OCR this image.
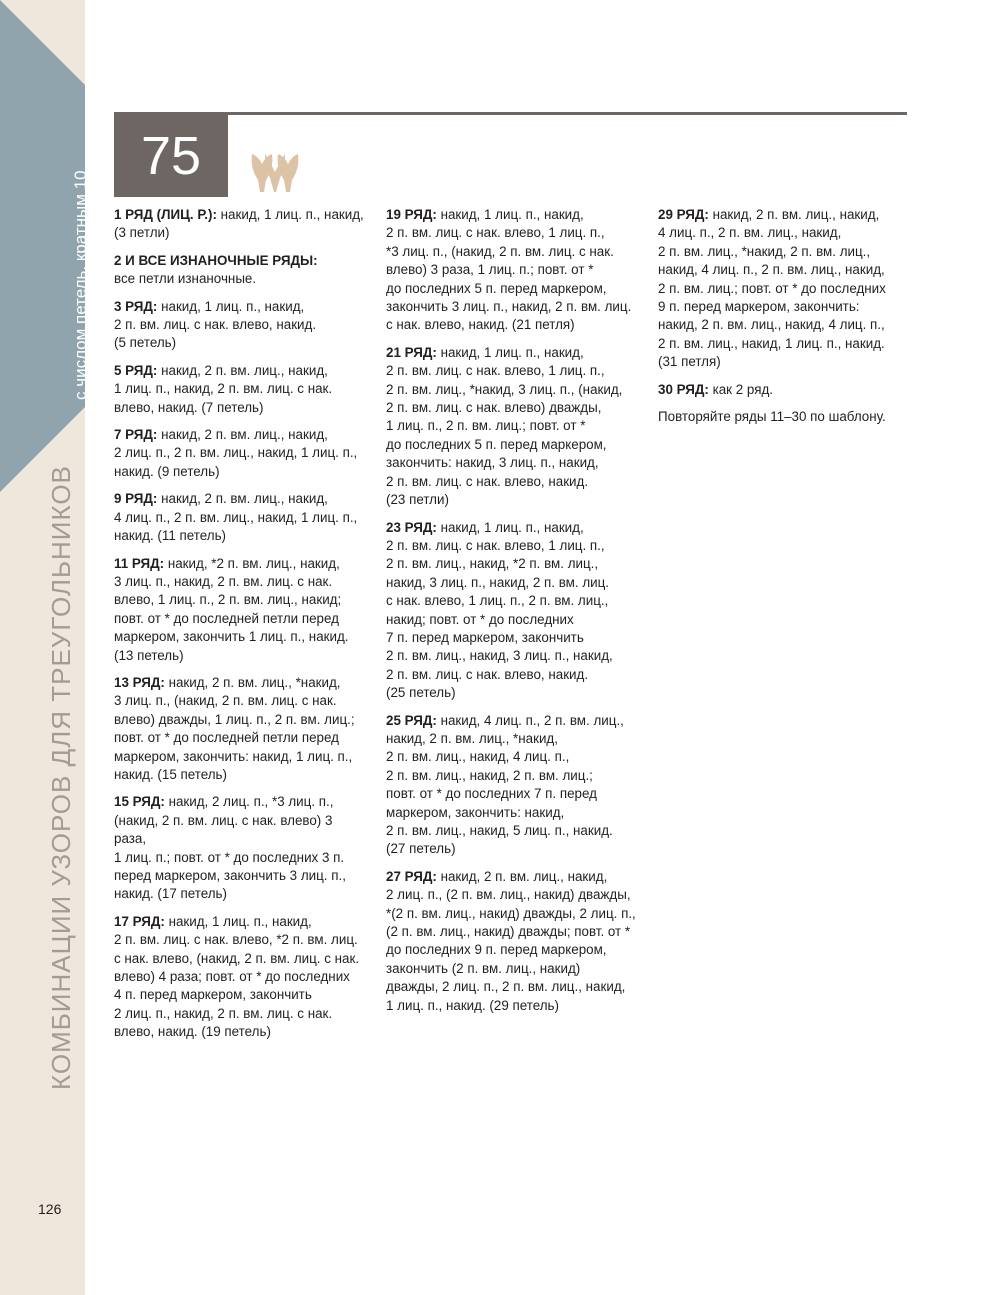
с числом петель, кратным 10
КОМБИНАЦИИ УЗОРОВ ДЛЯ ТРЕУГОЛЬНИКОВ
126
75

1 РЯД (ЛИЦ. Р.): накид, 1 лиц. п., накид,
(3 петли)

2 И ВСЕ ИЗНАНОЧНЫЕ РЯДЫ:
все петли изнаночные.

3 РЯД: накид, 1 лиц. п., накид,
2 п. вм. лиц. с нак. влево, накид.
(5 петель)

5 РЯД: накид, 2 п. вм. лиц., накид,
1 лиц. п., накид, 2 п. вм. лиц. с нак.
влево, накид. (7 петель)

7 РЯД: накид, 2 п. вм. лиц., накид,
2 лиц. п., 2 п. вм. лиц., накид, 1 лиц. п.,
накид. (9 петель)

9 РЯД: накид, 2 п. вм. лиц., накид,
4 лиц. п., 2 п. вм. лиц., накид, 1 лиц. п.,
накид. (11 петель)

11 РЯД: накид, *2 п. вм. лиц., накид,
3 лиц. п., накид, 2 п. вм. лиц. с нак.
влево, 1 лиц. п., 2 п. вм. лиц., накид;
повт. от * до последней петли перед
маркером, закончить 1 лиц. п., накид.
(13 петель)

13 РЯД: накид, 2 п. вм. лиц., *накид,
3 лиц. п., (накид, 2 п. вм. лиц. с нак.
влево) дважды, 1 лиц. п., 2 п. вм. лиц.;
повт. от * до последней петли перед
маркером, закончить: накид, 1 лиц. п.,
накид. (15 петель)

15 РЯД: накид, 2 лиц. п., *3 лиц. п.,
(накид, 2 п. вм. лиц. с нак. влево) 3 раза,
1 лиц. п.; повт. от * до последних 3 п.
перед маркером, закончить 3 лиц. п.,
накид. (17 петель)

17 РЯД: накид, 1 лиц. п., накид,
2 п. вм. лиц. с нак. влево, *2 п. вм. лиц.
с нак. влево, (накид, 2 п. вм. лиц. с нак.
влево) 4 раза; повт. от * до последних
4 п. перед маркером, закончить
2 лиц. п., накид, 2 п. вм. лиц. с нак.
влево, накид. (19 петель)

19 РЯД: накид, 1 лиц. п., накид,
2 п. вм. лиц. с нак. влево, 1 лиц. п.,
*3 лиц. п., (накид, 2 п. вм. лиц. с нак.
влево) 3 раза, 1 лиц. п.; повт. от *
до последних 5 п. перед маркером,
закончить 3 лиц. п., накид, 2 п. вм. лиц.
с нак. влево, накид. (21 петля)

21 РЯД: накид, 1 лиц. п., накид,
2 п. вм. лиц. с нак. влево, 1 лиц. п.,
2 п. вм. лиц., *накид, 3 лиц. п., (накид,
2 п. вм. лиц. с нак. влево) дважды,
1 лиц. п., 2 п. вм. лиц.; повт. от *
до последних 5 п. перед маркером,
закончить: накид, 3 лиц. п., накид,
2 п. вм. лиц. с нак. влево, накид.
(23 петли)

23 РЯД: накид, 1 лиц. п., накид,
2 п. вм. лиц. с нак. влево, 1 лиц. п.,
2 п. вм. лиц., накид, *2 п. вм. лиц.,
накид, 3 лиц. п., накид, 2 п. вм. лиц.
с нак. влево, 1 лиц. п., 2 п. вм. лиц.,
накид; повт. от * до последних
7 п. перед маркером, закончить
2 п. вм. лиц., накид, 3 лиц. п., накид,
2 п. вм. лиц. с нак. влево, накид.
(25 петель)

25 РЯД: накид, 4 лиц. п., 2 п. вм. лиц.,
накид, 2 п. вм. лиц., *накид,
2 п. вм. лиц., накид, 4 лиц. п.,
2 п. вм. лиц., накид, 2 п. вм. лиц.;
повт. от * до последних 7 п. перед
маркером, закончить: накид,
2 п. вм. лиц., накид, 5 лиц. п., накид.
(27 петель)

27 РЯД: накид, 2 п. вм. лиц., накид,
2 лиц. п., (2 п. вм. лиц., накид) дважды,
*(2 п. вм. лиц., накид) дважды, 2 лиц. п.,
(2 п. вм. лиц., накид) дважды; повт. от *
до последних 9 п. перед маркером,
закончить (2 п. вм. лиц., накид)
дважды, 2 лиц. п., 2 п. вм. лиц., накид,
1 лиц. п., накид. (29 петель)

29 РЯД: накид, 2 п. вм. лиц., накид,
4 лиц. п., 2 п. вм. лиц., накид,
2 п. вм. лиц., *накид, 2 п. вм. лиц.,
накид, 4 лиц. п., 2 п. вм. лиц., накид,
2 п. вм. лиц.; повт. от * до последних
9 п. перед маркером, закончить:
накид, 2 п. вм. лиц., накид, 4 лиц. п.,
2 п. вм. лиц., накид, 1 лиц. п., накид.
(31 петля)

30 РЯД: как 2 ряд.

Повторяйте ряды 11–30 по шаблону.
